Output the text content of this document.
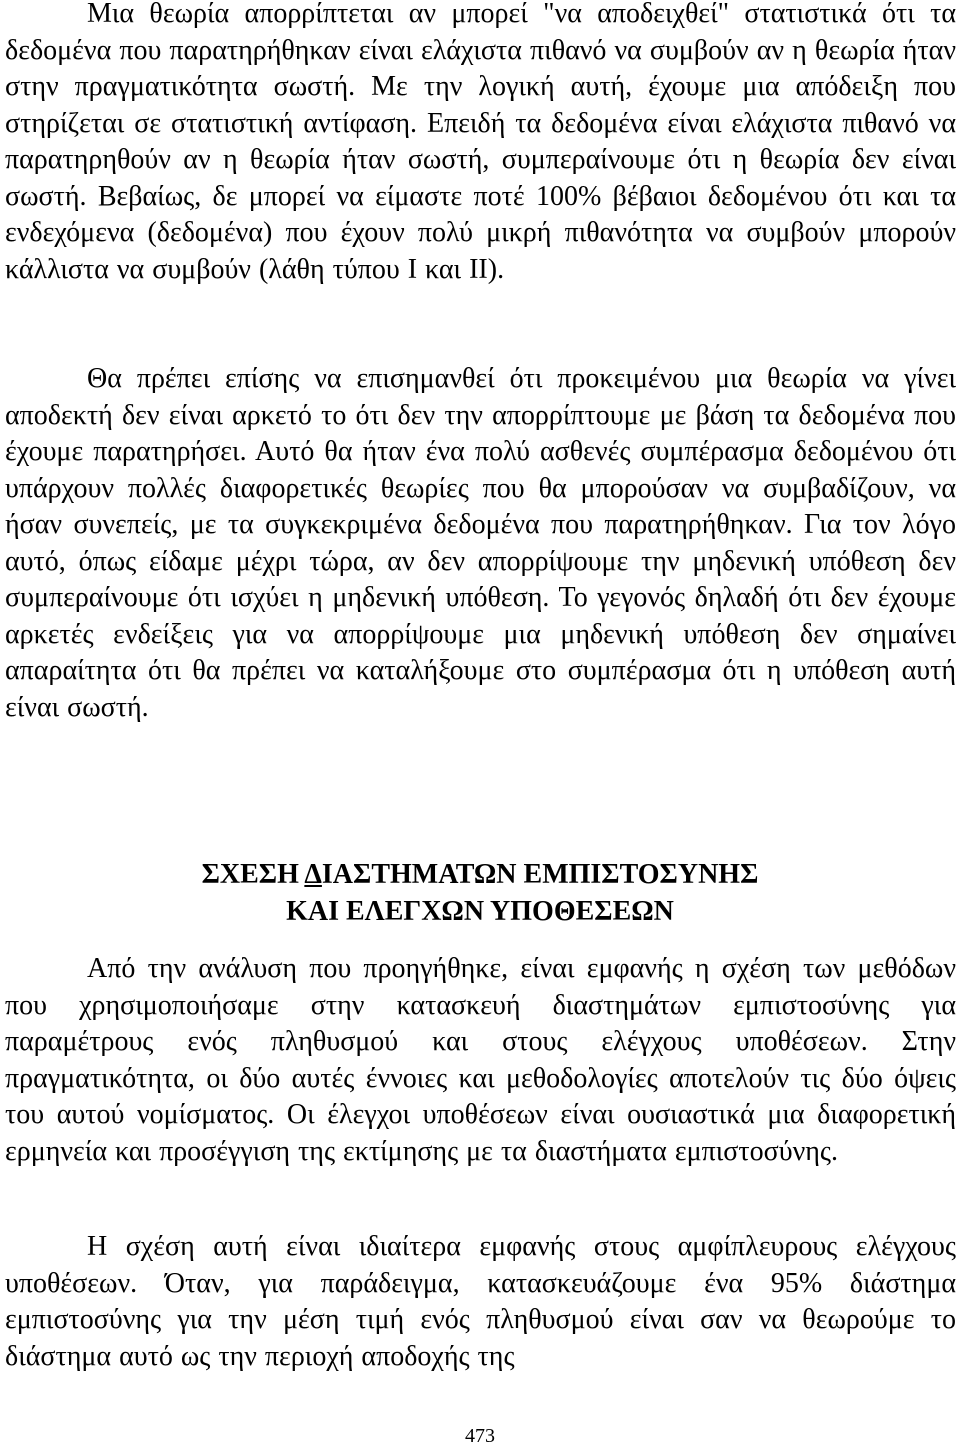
Μια θεωρία απορρίπτεται αν μπορεί "να αποδειχθεί" στατιστικά ότι τα δεδομένα που παρατηρήθηκαν είναι ελάχιστα πιθανό να συμβούν αν η θεωρία ήταν στην πραγματικότητα σωστή. Με την λογική αυτή, έχουμε μια απόδειξη που στηρίζεται σε στατιστική αντίφαση. Επειδή τα δεδομένα είναι ελάχιστα πιθανό να παρατηρηθούν αν η θεωρία ήταν σωστή, συμπεραίνουμε ότι η θεωρία δεν είναι σωστή. Βεβαίως, δε μπορεί να είμαστε ποτέ 100% βέβαιοι δεδομένου ότι και τα ενδεχόμενα (δεδομένα) που έχουν πολύ μικρή πιθανότητα να συμβούν μπορούν κάλλιστα να συμβούν (λάθη τύπου Ι και ΙΙ).

Θα πρέπει επίσης να επισημανθεί ότι προκειμένου μια θεωρία να γίνει αποδεκτή δεν είναι αρκετό το ότι δεν την απορρίπτουμε με βάση τα δεδομένα που έχουμε παρατηρήσει. Αυτό θα ήταν ένα πολύ ασθενές συμπέρασμα δεδομένου ότι υπάρχουν πολλές διαφορετικές θεωρίες που θα μπορούσαν να συμβαδίζουν, να ήσαν συνεπείς, με τα συγκεκριμένα δεδομένα που παρατηρήθηκαν. Για τον λόγο αυτό, όπως είδαμε μέχρι τώρα, αν δεν απορρίψουμε την μηδενική υπόθεση δεν συμπεραίνουμε ότι ισχύει η μηδενική υπόθεση. Το γεγονός δηλαδή ότι δεν έχουμε αρκετές ενδείξεις για να απορρίψουμε μια μηδενική υπόθεση δεν σημαίνει απαραίτητα ότι θα πρέπει να καταλήξουμε στο συμπέρασμα ότι η υπόθεση αυτή είναι σωστή.

ΣΧΕΣΗ ΔΙΑΣΤΗΜΑΤΩΝ ΕΜΠΙΣΤΟΣΥΝΗΣ
ΚΑΙ ΕΛΕΓΧΩΝ ΥΠΟΘΕΣΕΩΝ

Από την ανάλυση που προηγήθηκε, είναι εμφανής η σχέση των μεθόδων που χρησιμοποιήσαμε στην κατασκευή διαστημάτων εμπιστοσύνης για παραμέτρους ενός πληθυσμού και στους ελέγχους υποθέσεων. Στην πραγματικότητα, οι δύο αυτές έννοιες και μεθοδολογίες αποτελούν τις δύο όψεις του αυτού νομίσματος. Οι έλεγχοι υποθέσεων είναι ουσιαστικά μια διαφορετική ερμηνεία και προσέγγιση της εκτίμησης με τα διαστήματα εμπιστοσύνης.

Η σχέση αυτή είναι ιδιαίτερα εμφανής στους αμφίπλευρους ελέγχους υποθέσεων. Όταν, για παράδειγμα, κατασκευάζουμε ένα 95% διάστημα εμπιστοσύνης για την μέση τιμή ενός πληθυσμού είναι σαν να θεωρούμε το διάστημα αυτό ως την περιοχή αποδοχής της

473
